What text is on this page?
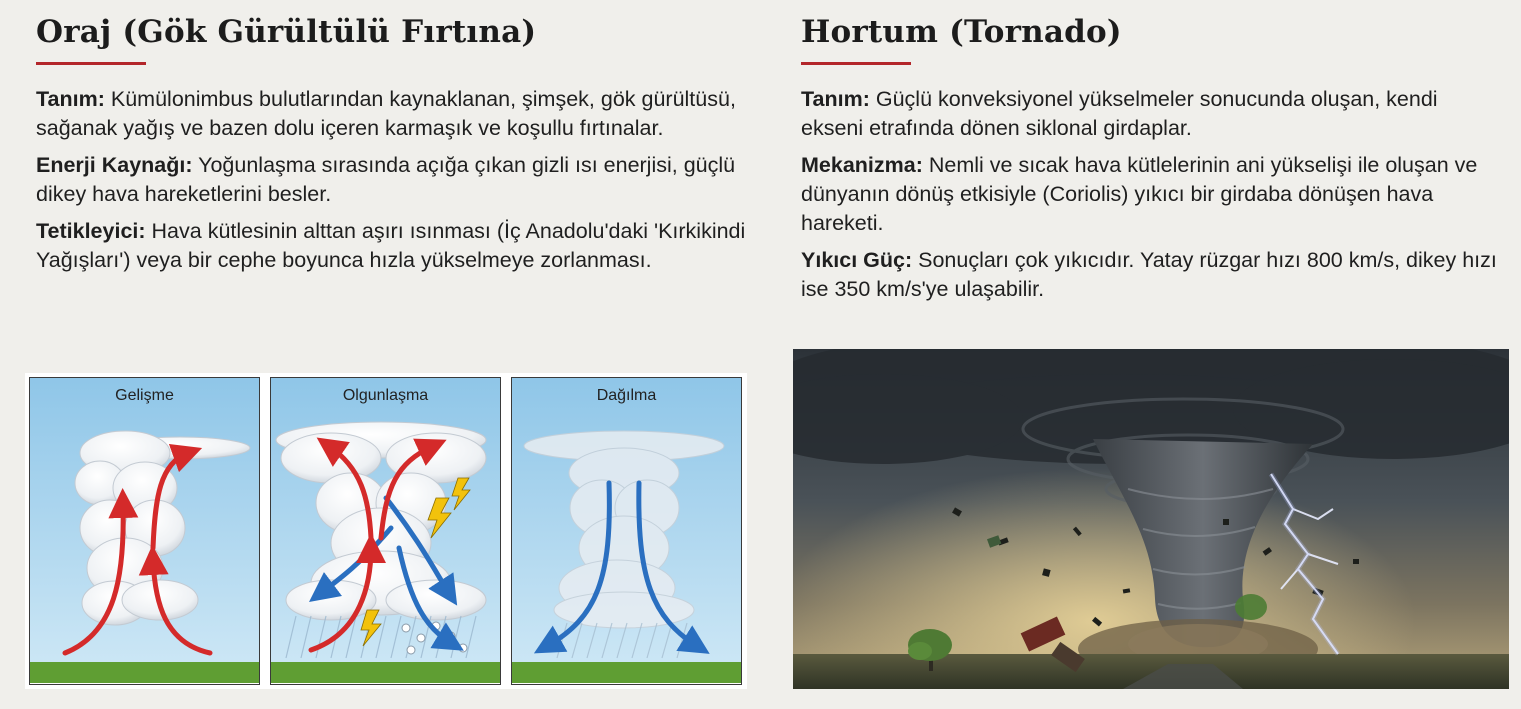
Oraj (Gök Gürültülü Fırtına)

Tanım: Kümülonimbus bulutlarından kaynaklanan, şimşek, gök gürültüsü, sağanak yağış ve bazen dolu içeren karmaşık ve koşullu fırtınalar.

Enerji Kaynağı: Yoğunlaşma sırasında açığa çıkan gizli ısı enerjisi, güçlü dikey hava hareketlerini besler.

Tetikleyici: Hava kütlesinin alttan aşırı ısınması (İç Anadolu'daki 'Kırkikindi Yağışları') veya bir cephe boyunca hızla yükselmeye zorlanması.

Gelişme	Olgunlaşma	Dağılma
Hortum (Tornado)

Tanım: Güçlü konveksiyonel yükselmeler sonucunda oluşan, kendi ekseni etrafında dönen siklonal girdaplar.

Mekanizma: Nemli ve sıcak hava kütlelerinin ani yükselişi ile oluşan ve dünyanın dönüş etkisiyle (Coriolis) yıkıcı bir girdaba dönüşen hava hareketi.

Yıkıcı Güç: Sonuçları çok yıkıcıdır. Yatay rüzgar hızı 800 km/s, dikey hızı ise 350 km/s'ye ulaşabilir.
